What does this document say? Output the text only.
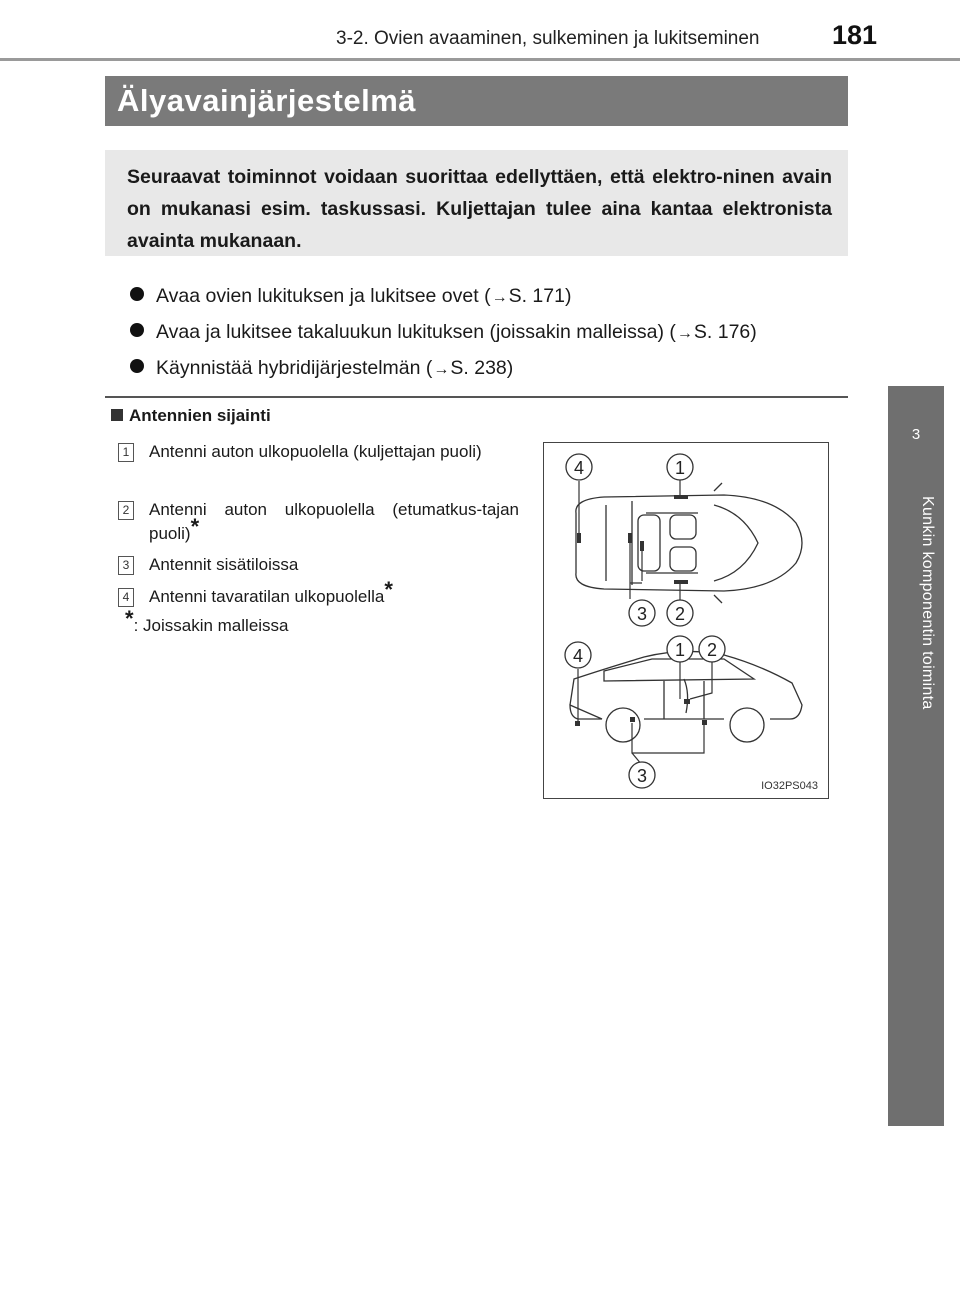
3-2. Ovien avaaminen, sulkeminen ja lukitseminen	181
3
Kunkin komponentin toiminta
Älyavainjärjestelmä
Seuraavat toiminnot voidaan suorittaa edellyttäen, että elektro-ninen avain on mukanasi esim. taskussasi. Kuljettajan tulee aina kantaa elektronista avainta mukanaan.
Avaa ovien lukituksen ja lukitsee ovet (→S. 171)
Avaa ja lukitsee takaluukun lukituksen (joissakin malleissa) (→S. 176)
Käynnistää hybridijärjestelmän (→S. 238)
Antennien sijainti
1 Antenni auton ulkopuolella (kuljettajan puoli)
2 Antenni auton ulkopuolella (etumatkus-tajan puoli)*
3 Antennit sisätiloissa
4 Antenni tavaratilan ulkopuolella*
*: Joissakin malleissa
4	1
3 2
4	1 2
3	IO32PS043
